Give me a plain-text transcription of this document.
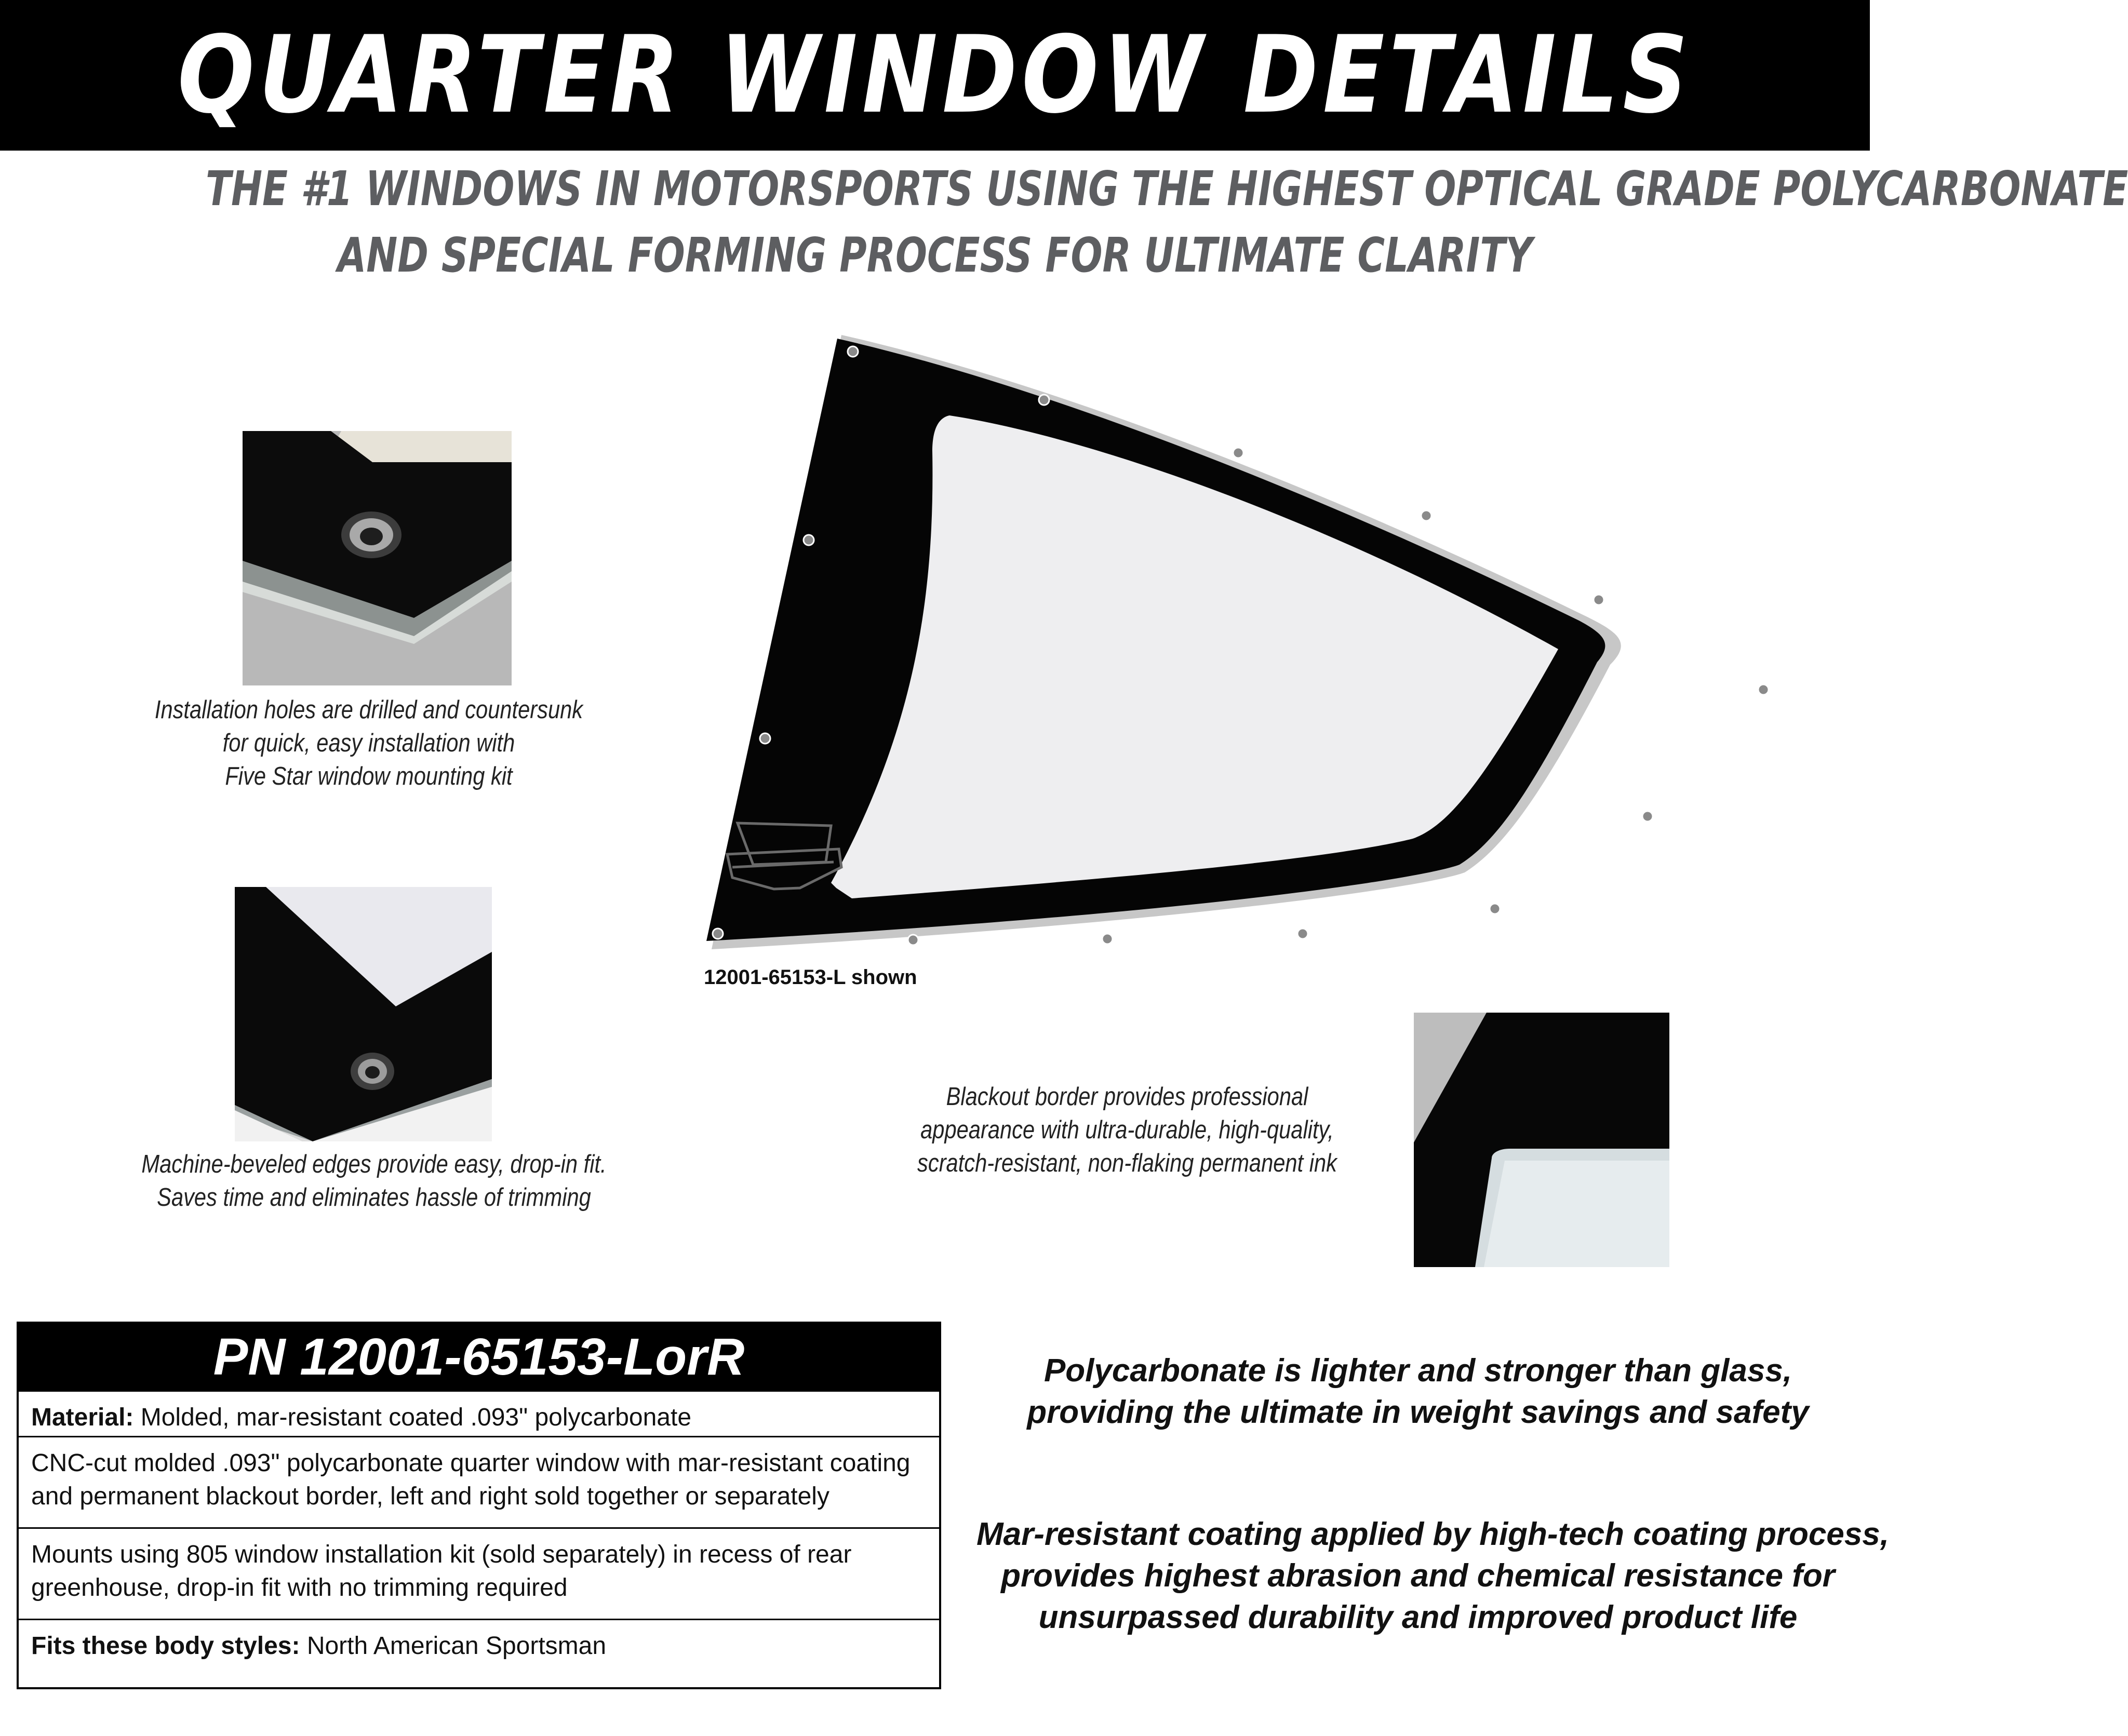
QUARTER WINDOW DETAILS
THE #1 WINDOWS IN MOTORSPORTS USING THE HIGHEST OPTICAL GRADE POLYCARBONATE
AND SPECIAL FORMING PROCESS FOR ULTIMATE CLARITY
Installation holes are drilled and countersunk
for quick, easy installation with
Five Star window mounting kit
Machine-beveled edges provide easy, drop-in fit.
Saves time and eliminates hassle of trimming
12001-65153-L shown
Blackout border provides professional
appearance with ultra-durable, high-quality,
scratch-resistant, non-flaking permanent ink
PN 12001-65153-LorR
Material: Molded, mar-resistant coated .093" polycarbonate
CNC-cut molded .093" polycarbonate quarter window with mar-resistant coating
and permanent blackout border, left and right sold together or separately
Mounts using 805 window installation kit (sold separately) in recess of rear
greenhouse, drop-in fit with no trimming required
Fits these body styles: North American Sportsman
Polycarbonate is lighter and stronger than glass,
providing the ultimate in weight savings and safety
Mar-resistant coating applied by high-tech coating process,
provides highest abrasion and chemical resistance for
unsurpassed durability and improved product life
